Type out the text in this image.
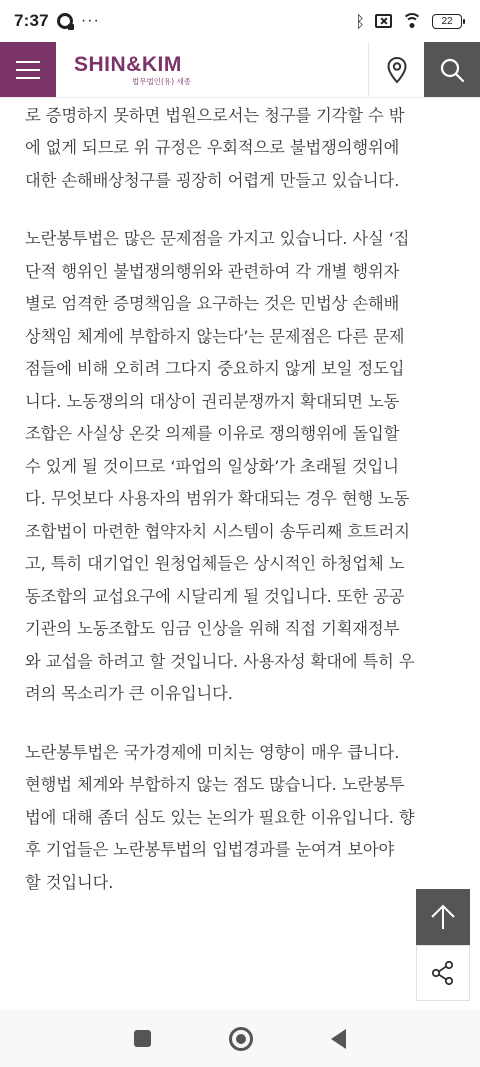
7:37 ···	ᛒ	22
SHIN&KIM
법무법인(유) 세종

로 증명하지 못하면 법원으로서는 청구를 기각할 수 밖
에 없게 되므로 위 규정은 우회적으로 불법쟁의행위에
대한 손해배상청구를 굉장히 어렵게 만들고 있습니다.

노란봉투법은 많은 문제점을 가지고 있습니다. 사실 ‘집
단적 행위인 불법쟁의행위와 관련하여 각 개별 행위자
별로 엄격한 증명책임을 요구하는 것은 민법상 손해배
상책임 체계에 부합하지 않는다’는 문제점은 다른 문제
점들에 비해 오히려 그다지 중요하지 않게 보일 정도입
니다. 노동쟁의의 대상이 권리분쟁까지 확대되면 노동
조합은 사실상 온갖 의제를 이유로 쟁의행위에 돌입할
수 있게 될 것이므로 ‘파업의 일상화’가 초래될 것입니
다. 무엇보다 사용자의 범위가 확대되는 경우 현행 노동
조합법이 마련한 협약자치 시스템이 송두리째 흐트러지
고, 특히 대기업인 원청업체들은 상시적인 하청업체 노
동조합의 교섭요구에 시달리게 될 것입니다. 또한 공공
기관의 노동조합도 임금 인상을 위해 직접 기획재정부
와 교섭을 하려고 할 것입니다. 사용자성 확대에 특히 우
려의 목소리가 큰 이유입니다.

노란봉투법은 국가경제에 미치는 영향이 매우 큽니다.
현행법 체계와 부합하지 않는 점도 많습니다. 노란봉투
법에 대해 좀더 심도 있는 논의가 필요한 이유입니다. 향
후 기업들은 노란봉투법의 입법경과를 눈여겨 보아야
할 것입니다.
